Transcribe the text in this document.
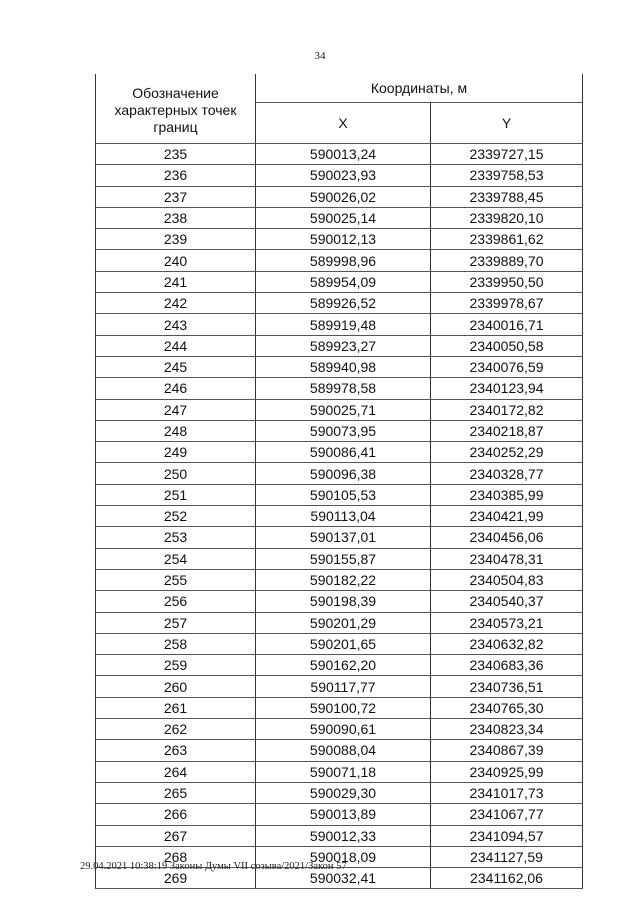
34
Обозначение характерных точек границ	Координаты, м	
	X	Y
235	590013,24	2339727,15
236	590023,93	2339758,53
237	590026,02	2339788,45
238	590025,14	2339820,10
239	590012,13	2339861,62
240	589998,96	2339889,70
241	589954,09	2339950,50
242	589926,52	2339978,67
243	589919,48	2340016,71
244	589923,27	2340050,58
245	589940,98	2340076,59
246	589978,58	2340123,94
247	590025,71	2340172,82
248	590073,95	2340218,87
249	590086,41	2340252,29
250	590096,38	2340328,77
251	590105,53	2340385,99
252	590113,04	2340421,99
253	590137,01	2340456,06
254	590155,87	2340478,31
255	590182,22	2340504,83
256	590198,39	2340540,37
257	590201,29	2340573,21
258	590201,65	2340632,82
259	590162,20	2340683,36
260	590117,77	2340736,51
261	590100,72	2340765,30
262	590090,61	2340823,34
263	590088,04	2340867,39
264	590071,18	2340925,99
265	590029,30	2341017,73
266	590013,89	2341067,77
267	590012,33	2341094,57
268	590018,09	2341127,59
269	590032,41	2341162,06
29.04.2021 10:38:19 Законы Думы VII созыва/2021/Закон 57
